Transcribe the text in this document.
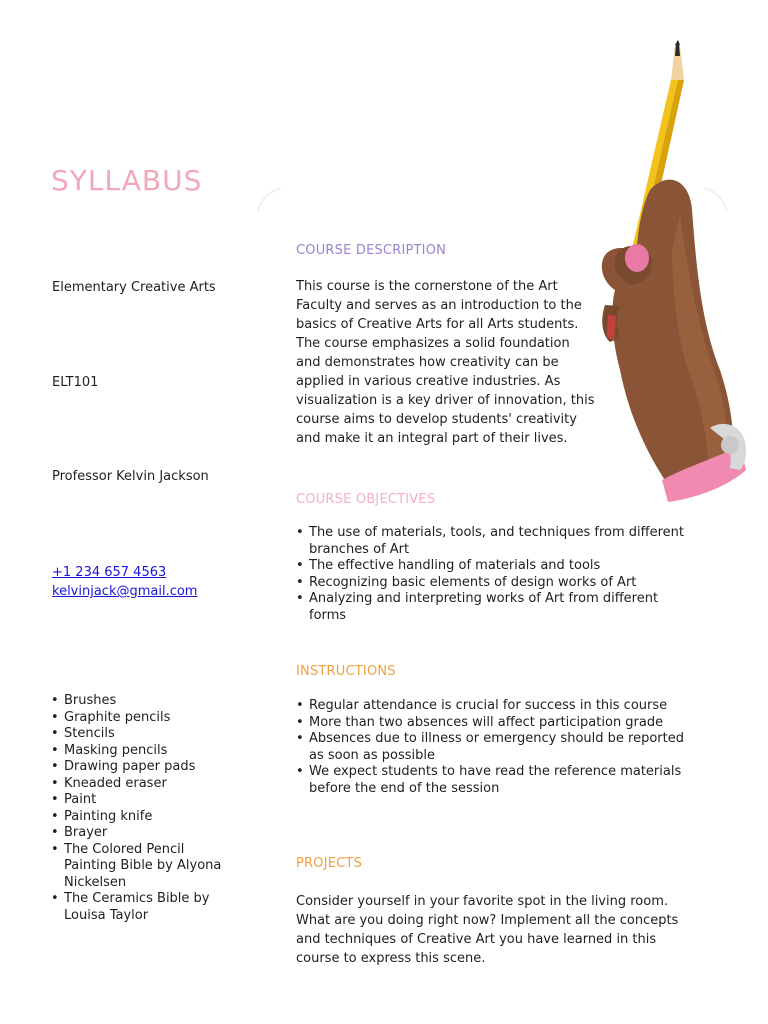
SYLLABUS
Elementary Creative Arts
ELT101
Professor Kelvin Jackson
+1 234 657 4563
kelvinjack@gmail.com
• Brushes
• Graphite pencils
• Stencils
• Masking pencils
• Drawing paper pads
• Kneaded eraser
• Paint
• Painting knife
• Brayer
• The Colored Pencil Painting Bible by Alyona Nickelsen
• The Ceramics Bible by Louisa Taylor
COURSE DESCRIPTION

This course is the cornerstone of the Art Faculty and serves as an introduction to the basics of Creative Arts for all Arts students. The course emphasizes a solid foundation and demonstrates how creativity can be applied in various creative industries. As visualization is a key driver of innovation, this course aims to develop students' creativity and make it an integral part of their lives.

COURSE OBJECTIVES
• The use of materials, tools, and techniques from different branches of Art
• The effective handling of materials and tools
• Recognizing basic elements of design works of Art
• Analyzing and interpreting works of Art from different forms
INSTRUCTIONS
• Regular attendance is crucial for success in this course
• More than two absences will affect participation grade
• Absences due to illness or emergency should be reported as soon as possible
• We expect students to have read the reference materials before the end of the session
PROJECTS

Consider yourself in your favorite spot in the living room. What are you doing right now? Implement all the concepts

and techniques of Creative Art you have learned in this course to express this scene.
